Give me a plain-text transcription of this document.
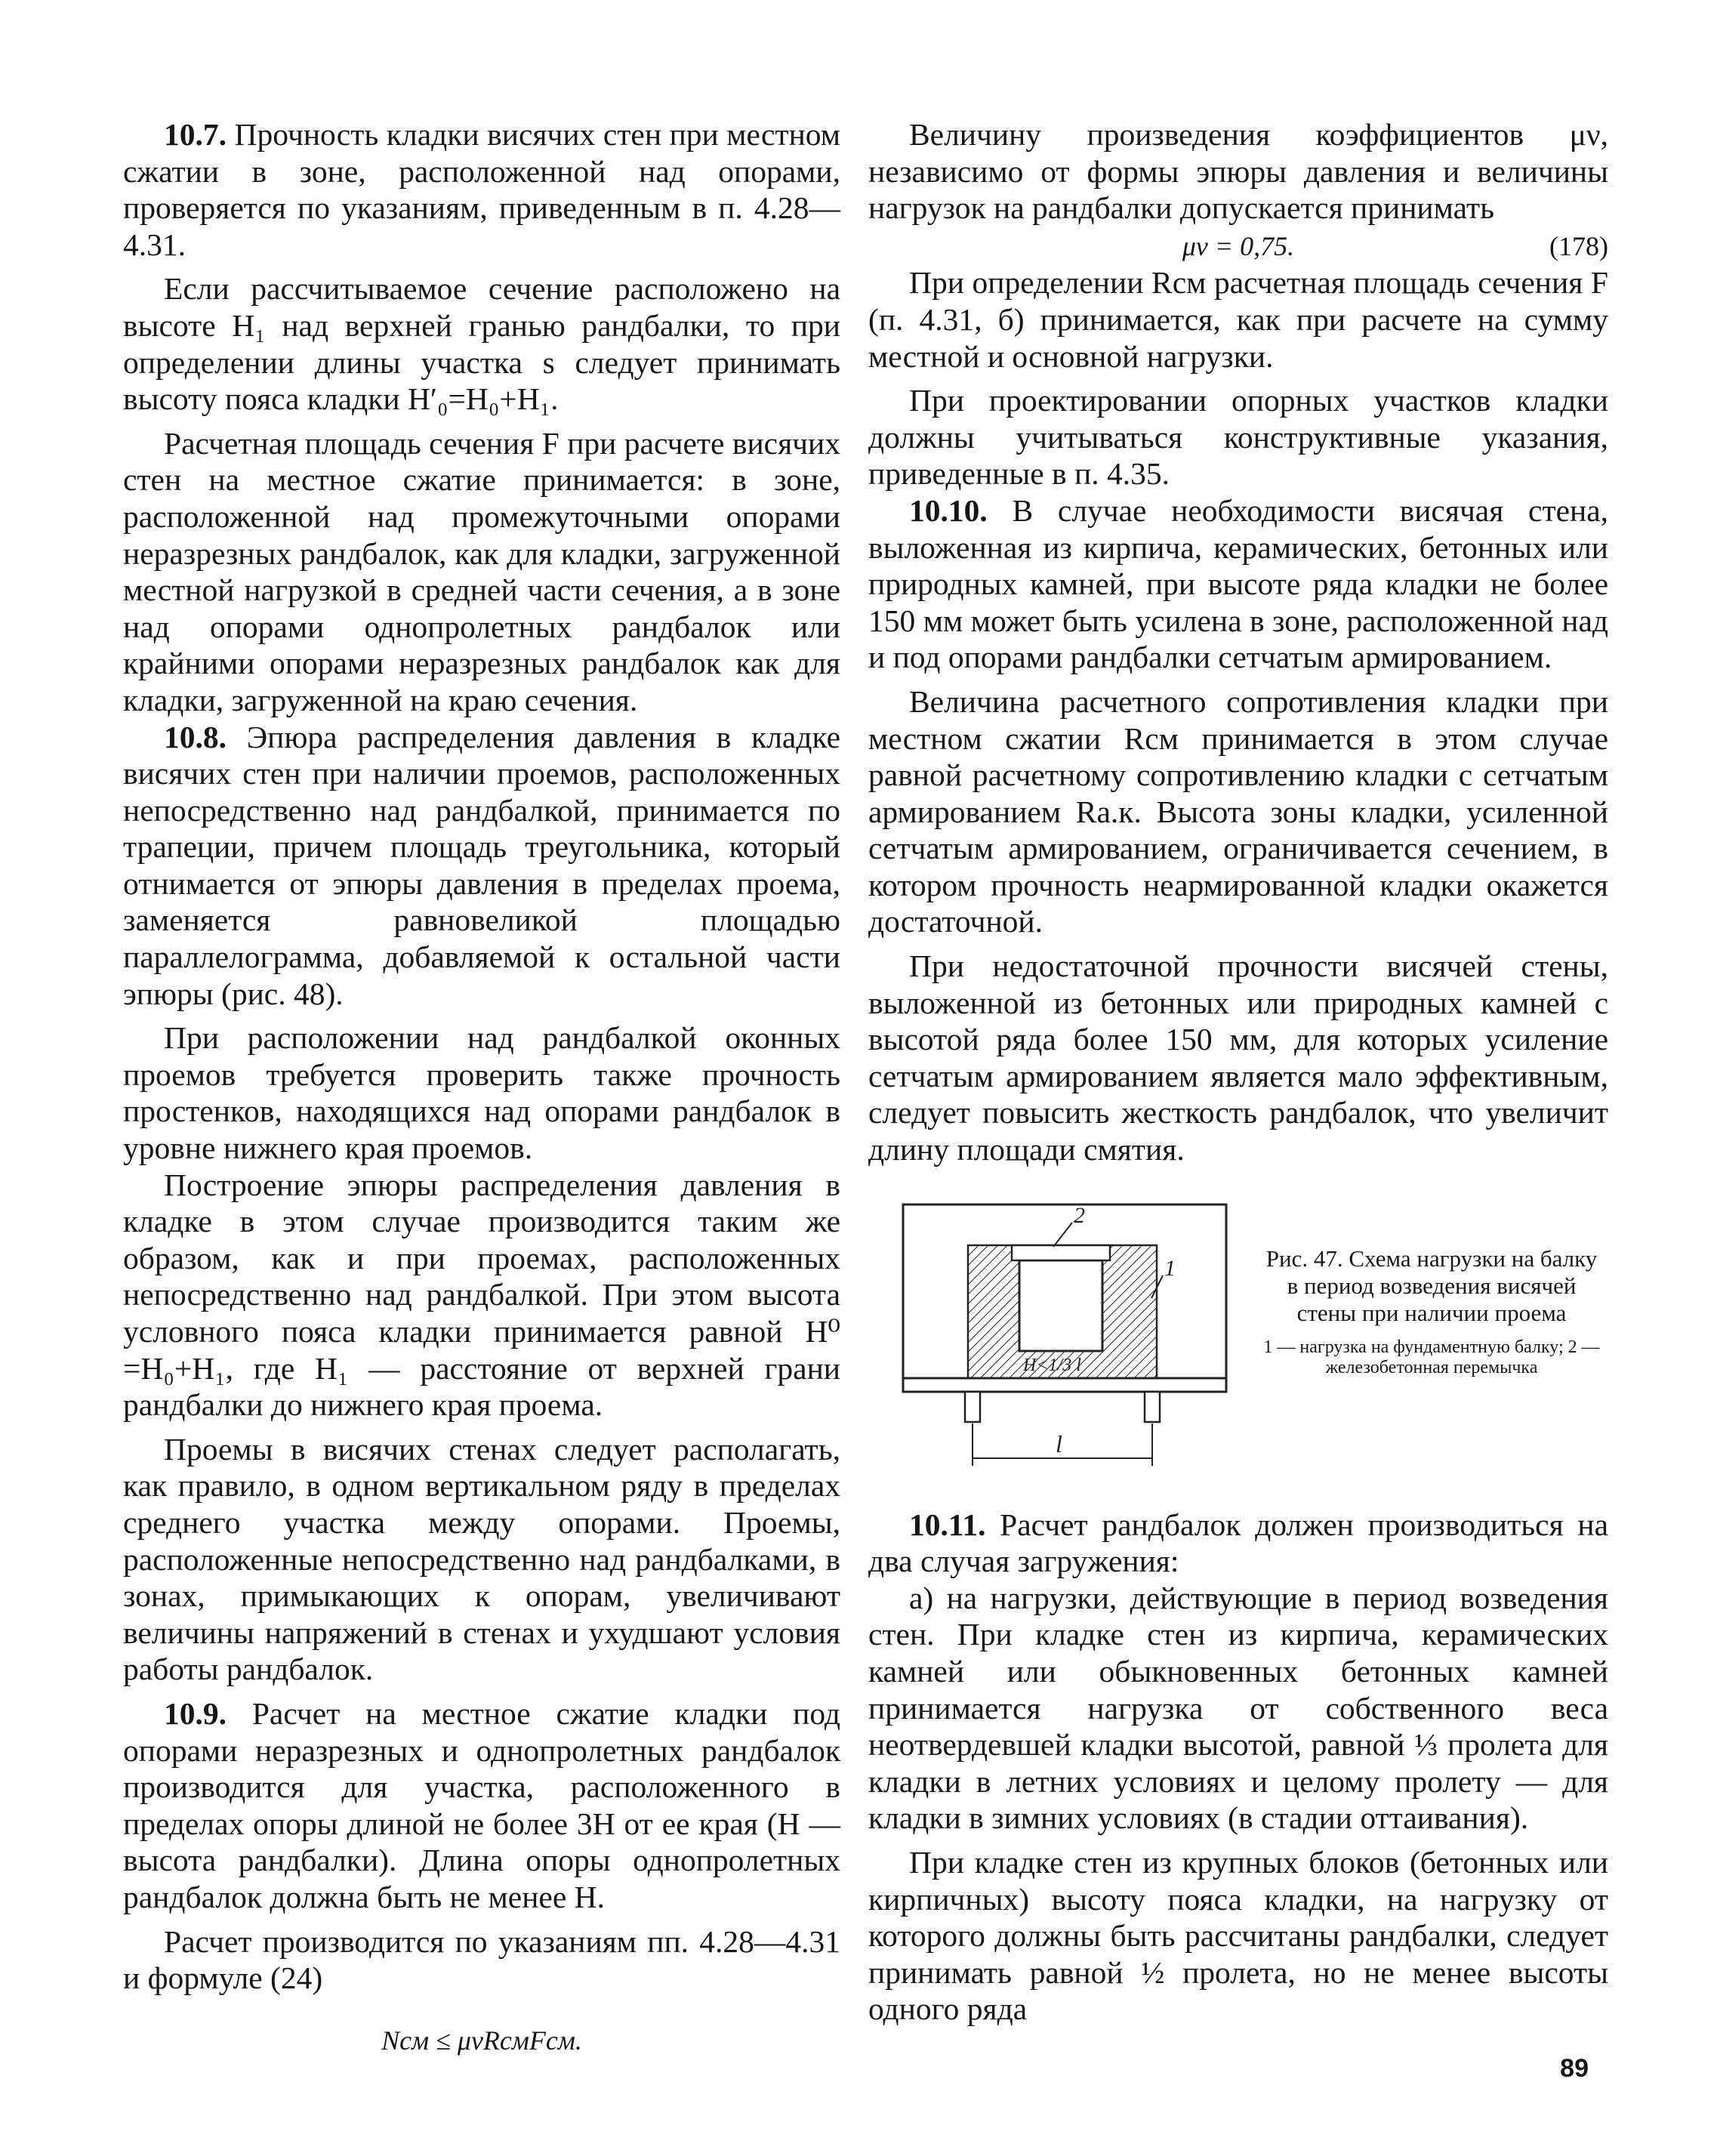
10.7. Прочность кладки висячих стен при местном сжатии в зоне, расположенной над опорами, проверяется по указаниям, приведенным в п. 4.28—4.31.

Если рассчитываемое сечение расположено на высоте H₁ над верхней гранью рандбалки, то при определении длины участка s следует принимать высоту пояса кладки H′₀=H₀+H₁.

Расчетная площадь сечения F при расчете висячих стен на местное сжатие принимается: в зоне, расположенной над промежуточными опорами неразрезных рандбалок, как для кладки, загруженной местной нагрузкой в средней части сечения, а в зоне над опорами однопролетных рандбалок или крайними опорами неразрезных рандбалок как для кладки, загруженной на краю сечения.

10.8. Эпюра распределения давления в кладке висячих стен при наличии проемов, расположенных непосредственно над рандбалкой, принимается по трапеции, причем площадь треугольника, который отнимается от эпюры давления в пределах проема, заменяется равновеликой площадью параллелограмма, добавляемой к остальной части эпюры (рис. 48).

При расположении над рандбалкой оконных проемов требуется проверить также прочность простенков, находящихся над опорами рандбалок в уровне нижнего края проемов.

Построение эпюры распределения давления в кладке в этом случае производится таким же образом, как и при проемах, расположенных непосредственно над рандбалкой. При этом высота условного пояса кладки принимается равной H⁰ =H₀+H₁, где H₁ — расстояние от верхней грани рандбалки до нижнего края проема.

Проемы в висячих стенах следует располагать, как правило, в одном вертикальном ряду в пределах среднего участка между опорами. Проемы, расположенные непосредственно над рандбалками, в зонах, примыкающих к опорам, увеличивают величины напряжений в стенах и ухудшают условия работы рандбалок.

10.9. Расчет на местное сжатие кладки под опорами неразрезных и однопролетных рандбалок производится для участка, расположенного в пределах опоры длиной не более 3H от ее края (H — высота рандбалки). Длина опоры однопролетных рандбалок должна быть не менее H.

Расчет производится по указаниям пп. 4.28—4.31 и формуле (24)

Nсм ≤ μνRсмFсм.

Величину произведения коэффициентов μν, независимо от формы эпюры давления и величины нагрузок на рандбалки допускается принимать

μν = 0,75.	(178)

При определении Rсм расчетная площадь сечения F (п. 4.31, б) принимается, как при расчете на сумму местной и основной нагрузки.

При проектировании опорных участков кладки должны учитываться конструктивные указания, приведенные в п. 4.35.

10.10. В случае необходимости висячая стена, выложенная из кирпича, керамических, бетонных или природных камней, при высоте ряда кладки не более 150 мм может быть усилена в зоне, расположенной над и под опорами рандбалки сетчатым армированием.

Величина расчетного сопротивления кладки при местном сжатии Rсм принимается в этом случае равной расчетному сопротивлению кладки с сетчатым армированием Rа.к. Высота зоны кладки, усиленной сетчатым армированием, ограничивается сечением, в котором прочность неармированной кладки окажется достаточной.

При недостаточной прочности висячей стены, выложенной из бетонных или природных камней с высотой ряда более 150 мм, для которых усиление сетчатым армированием является мало эффективным, следует повысить жесткость рандбалок, что увеличит длину площади смятия.

2
1
H<1/3 l
l
Рис. 47. Схема нагрузки на балку в период возведения висячей стены при наличии проема
1 — нагрузка на фундаментную балку; 2 — железобетонная перемычка

10.11. Расчет рандбалок должен производиться на два случая загружения:

а) на нагрузки, действующие в период возведения стен. При кладке стен из кирпича, керамических камней или обыкновенных бетонных камней принимается нагрузка от собственного веса неотвердевшей кладки высотой, равной ⅓ пролета для кладки в летних условиях и целому пролету — для кладки в зимних условиях (в стадии оттаивания).

При кладке стен из крупных блоков (бетонных или кирпичных) высоту пояса кладки, на нагрузку от которого должны быть рассчитаны рандбалки, следует принимать равной ½ пролета, но не менее высоты одного ряда

89
